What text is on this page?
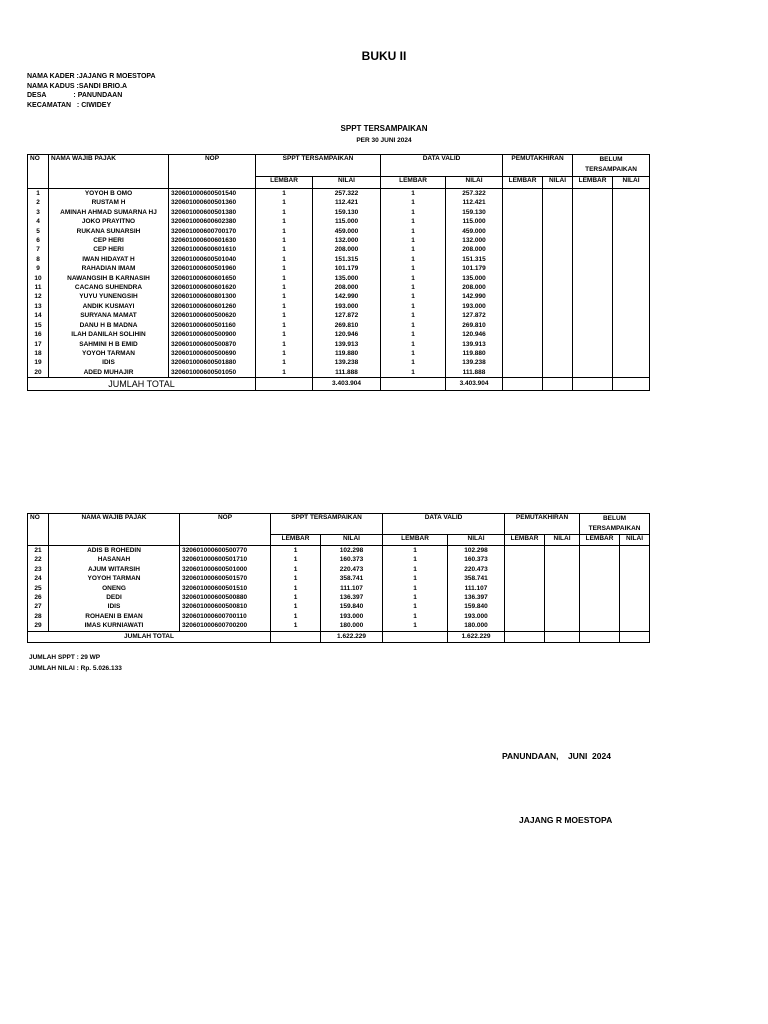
BUKU II
NAMA KADER :JAJANG R MOESTOPA
NAMA KADUS :SANDI BRIO.A
DESA              : PANUNDAAN
KECAMATAN   : CIWIDEY
SPPT TERSAMPAIKAN
PER 30 JUNI 2024
NO	NAMA WAJIB PAJAK	NOP	SPPT TERSAMPAIKAN		DATA VALID		PEMUTAKHIRAN		BELUM TERSAMPAIKAN	
			LEMBAR	NILAI	LEMBAR	NILAI	LEMBAR	NILAI	LEMBAR	NILAI
1	YOYOH B OMO	320601000600501540	1	257.322	1	257.322				
2	RUSTAM H	320601000600501360	1	112.421	1	112.421				
3	AMINAH AHMAD SUMARNA HJ	320601000600501380	1	159.130	1	159.130				
4	JOKO PRAYITNO	320601000600602380	1	115.000	1	115.000				
5	RUKANA SUNARSIH	320601000600700170	1	459.000	1	459.000				
6	CEP HERI	320601000600601630	1	132.000	1	132.000				
7	CEP HERI	320601000600601610	1	208.000	1	208.000				
8	IWAN HIDAYAT H	320601000600501040	1	151.315	1	151.315				
9	RAHADIAN IMAM	320601000600501960	1	101.179	1	101.179				
10	NAWANGSIH B KARNASIH	320601000600601650	1	135.000	1	135.000				
11	CACANG SUHENDRA	320601000600601620	1	208.000	1	208.000				
12	YUYU YUNENGSIH	320601000600801300	1	142.990	1	142.990				
13	ANDIK KUSMAYI	320601000600601260	1	193.000	1	193.000				
14	SURYANA MAMAT	320601000600500620	1	127.872	1	127.872				
15	DANU H B MADNA	320601000600501160	1	269.810	1	269.810				
16	ILAH DANILAH SOLIHIN	320601000600500900	1	120.946	1	120.946				
17	SAHMINI H B EMID	320601000600500870	1	139.913	1	139.913				
18	YOYOH TARMAN	320601000600500690	1	119.880	1	119.880				
19	IDIS	320601000600501880	1	139.238	1	139.238				
20	ADED MUHAJIR	320601000600501050	1	111.888	1	111.888				
JUMLAH TOTAL				3.403.904		3.403.904				
NO	NAMA WAJIB PAJAK	NOP	SPPT TERSAMPAIKAN		DATA VALID		PEMUTAKHIRAN		BELUM TERSAMPAIKAN	
			LEMBAR	NILAI	LEMBAR	NILAI	LEMBAR	NILAI	LEMBAR	NILAI
21	ADIS B ROHEDIN	320601000600500770	1	102.298	1	102.298				
22	HASANAH	320601000600501710	1	160.373	1	160.373				
23	AJUM WITARSIH	320601000600501000	1	220.473	1	220.473				
24	YOYOH TARMAN	320601000600501570	1	358.741	1	358.741				
25	ONENG	320601000600501510	1	111.107	1	111.107				
26	DEDI	320601000600500880	1	136.397	1	136.397				
27	IDIS	320601000600500810	1	159.840	1	159.840				
28	ROHAENI B EMAN	320601000600700110	1	193.000	1	193.000				
29	IMAS KURNIAWATI	320601000600700200	1	180.000	1	180.000				
JUMLAH TOTAL				1.622.229		1.622.229				
JUMLAH SPPT : 29 WP
JUMLAH NILAI : Rp. 5.026.133
PANUNDAAN,    JUNI  2024
JAJANG R MOESTOPA
